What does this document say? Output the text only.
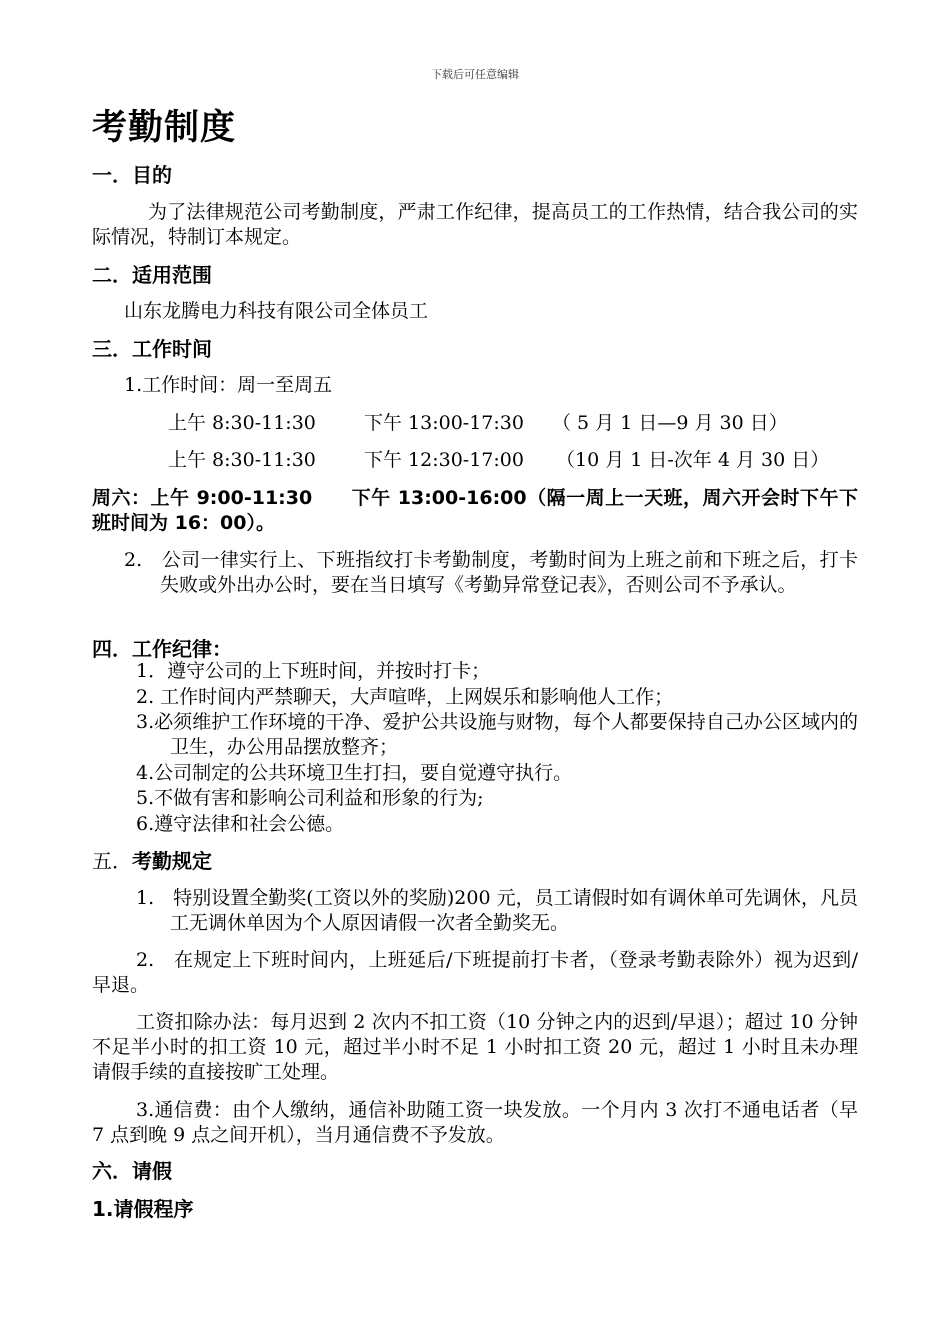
下载后可任意编辑
考勤制度
一．目的
为了法律规范公司考勤制度，严肃工作纪律，提高员工的工作热情，结合我公司的实际情况，特制订本规定。
二．适用范围
山东龙腾电力科技有限公司全体员工
三．工作时间
1.工作时间：周一至周五
上午 8:30-11:30	下午 13:00-17:30 （ 5 月 1 日—9 月 30 日）
上午 8:30-11:30	下午 12:30-17:00 （10 月 1 日-次年 4 月 30 日）
周六：上午 9:00-11:30　　下午 13:00-16:00（隔一周上一天班，周六开会时下午下班时间为 16：00）。
2.　公司一律实行上、下班指纹打卡考勤制度，考勤时间为上班之前和下班之后，打卡失败或外出办公时，要在当日填写《考勤异常登记表》，否则公司不予承认。
四．工作纪律：
1．遵守公司的上下班时间，并按时打卡；
2. 工作时间内严禁聊天，大声喧哗，上网娱乐和影响他人工作；
3.必须维护工作环境的干净、爱护公共设施与财物，每个人都要保持自己办公区域内的卫生，办公用品摆放整齐；
4.公司制定的公共环境卫生打扫，要自觉遵守执行。
5.不做有害和影响公司利益和形象的行为;
6.遵守法律和社会公德。
五．考勤规定
1.　特别设置全勤奖(工资以外的奖励)200 元，员工请假时如有调休单可先调休，凡员工无调休单因为个人原因请假一次者全勤奖无。
2.　在规定上下班时间内，上班延后/下班提前打卡者，（登录考勤表除外）视为迟到/早退。
工资扣除办法：每月迟到 2 次内不扣工资（10 分钟之内的迟到/早退）；超过 10 分钟不足半小时的扣工资 10 元，超过半小时不足 1 小时扣工资 20 元，超过 1 小时且未办理请假手续的直接按旷工处理。
3.通信费：由个人缴纳，通信补助随工资一块发放。一个月内 3 次打不通电话者（早 7 点到晚 9 点之间开机），当月通信费不予发放。
六．请假
1.请假程序
